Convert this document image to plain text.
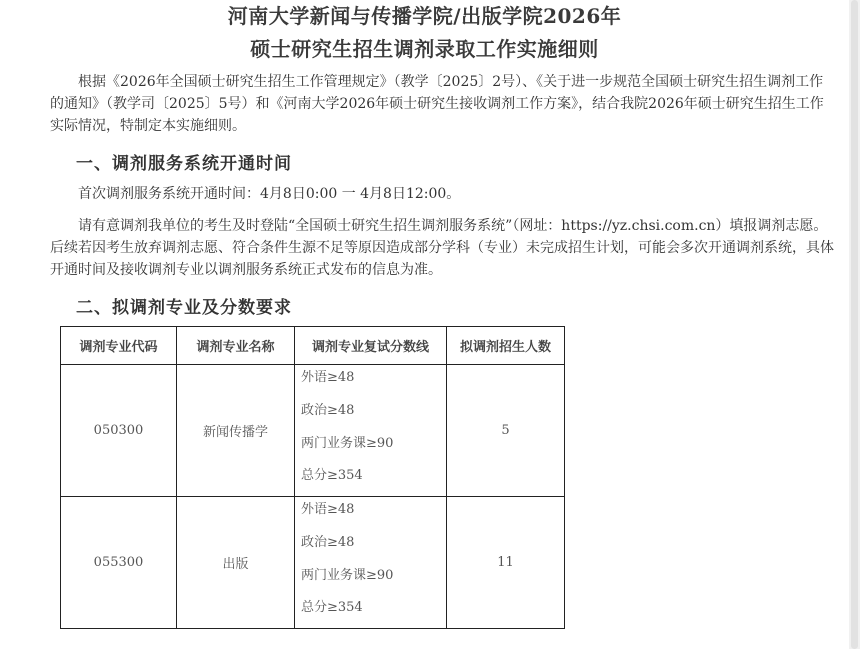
河南大学新闻与传播学院/出版学院2026年
硕士研究生招生调剂录取工作实施细则
根据《2026年全国硕士研究生招生工作管理规定》（教学〔2025〕2号）、《关于进一步规范全国硕士研究生招生调剂工作的通知》（教学司〔2025〕5号）和《河南大学2026年硕士研究生接收调剂工作方案》，结合我院2026年硕士研究生招生工作实际情况，特制定本实施细则。
一、调剂服务系统开通时间
首次调剂服务系统开通时间：4月8日0:00 一 4月8日12:00。
请有意调剂我单位的考生及时登陆“全国硕士研究生招生调剂服务系统”（网址：https://yz.chsi.com.cn）填报调剂志愿。后续若因考生放弃调剂志愿、符合条件生源不足等原因造成部分学科（专业）未完成招生计划，可能会多次开通调剂系统，具体开通时间及接收调剂专业以调剂服务系统正式发布的信息为准。
二、拟调剂专业及分数要求
调剂专业代码	调剂专业名称	调剂专业复试分数线	拟调剂招生人数
050300	新闻传播学	外语≥48
政治≥48
两门业务课≥90
总分≥354	5
055300	出版	外语≥48
政治≥48
两门业务课≥90
总分≥354	11
